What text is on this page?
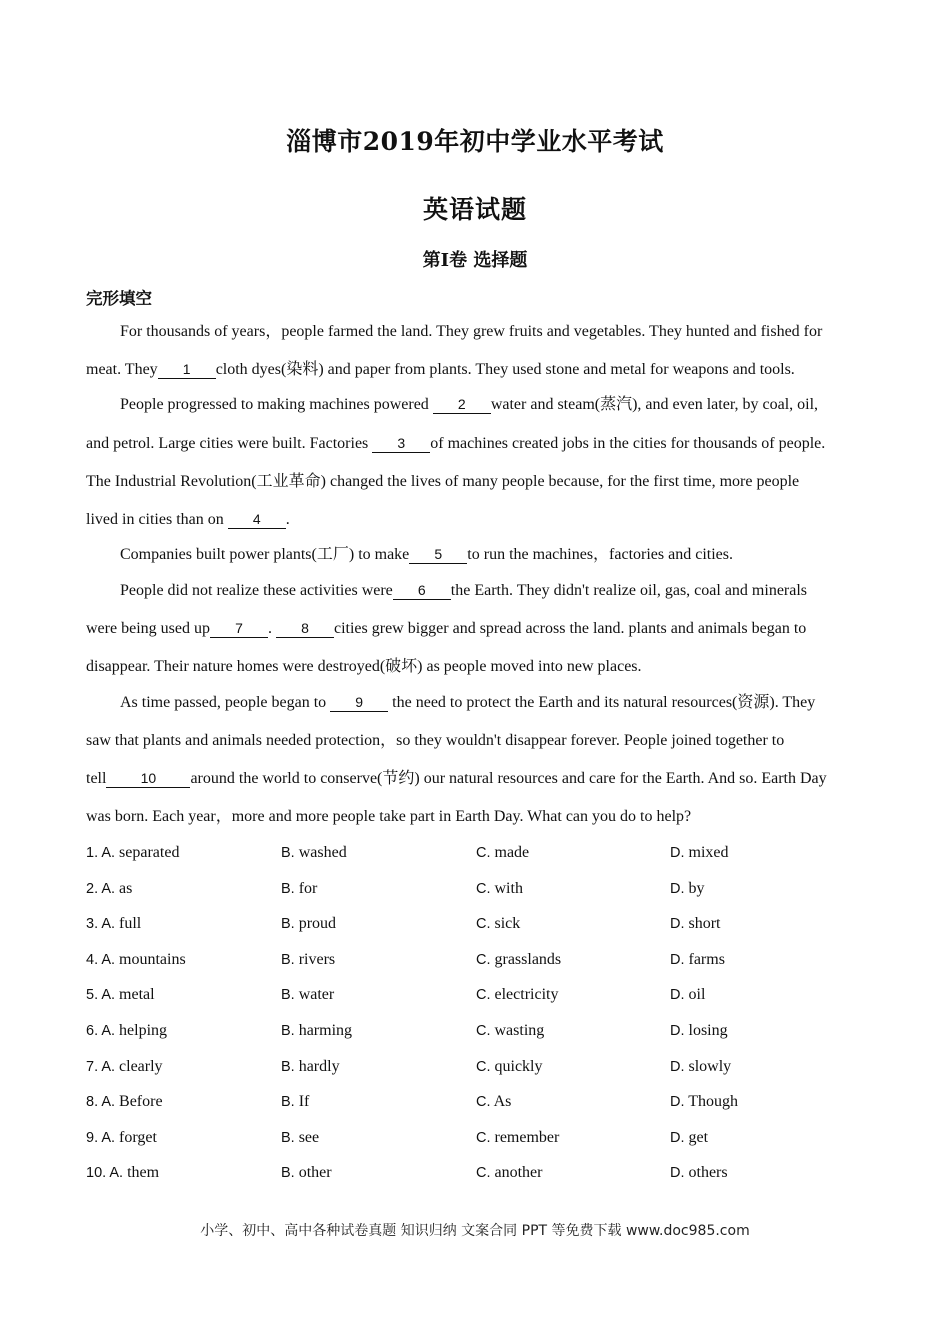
淄博市2019年初中学业水平考试
英语试题
第Ⅰ卷 选择题
完形填空
For thousands of years，people farmed the land. They grew fruits and vegetables. They hunted and fished for
meat. They 1 cloth dyes(染料) and paper from plants. They used stone and metal for weapons and tools.
People progressed to making machines powered 2 water and steam(蒸汽), and even later, by coal, oil,
and petrol. Large cities were built. Factories 3 of machines created jobs in the cities for thousands of people.
The Industrial Revolution(工业革命) changed the lives of many people because, for the first time, more people
lived in cities than on 4 .
Companies built power plants(工厂) to make 5 to run the machines，factories and cities.
People did not realize these activities were 6 the Earth. They didn't realize oil, gas, coal and minerals
were being used up 7 . 8 cities grew bigger and spread across the land. plants and animals began to
disappear. Their nature homes were destroyed(破坏) as people moved into new places.
As time passed, people began to 9 the need to protect the Earth and its natural resources(资源). They
saw that plants and animals needed protection，so they wouldn't disappear forever. People joined together to
tell 10 around the world to conserve(节约) our natural resources and care for the Earth. And so. Earth Day
was born. Each year，more and more people take part in Earth Day. What can you do to help?
1. A. separated	B. washed	C. made	D. mixed
2. A. as	B. for	C. with	D. by
3. A. full	B. proud	C. sick	D. short
4. A. mountains	B. rivers	C. grasslands	D. farms
5. A. metal	B. water	C. electricity	D. oil
6. A. helping	B. harming	C. wasting	D. losing
7. A. clearly	B. hardly	C. quickly	D. slowly
8. A. Before	B. If	C. As	D. Though
9. A. forget	B. see	C. remember	D. get
10. A. them	B. other	C. another	D. others
小学、初中、高中各种试卷真题 知识归纳 文案合同 PPT 等免费下载 www.doc985.com
